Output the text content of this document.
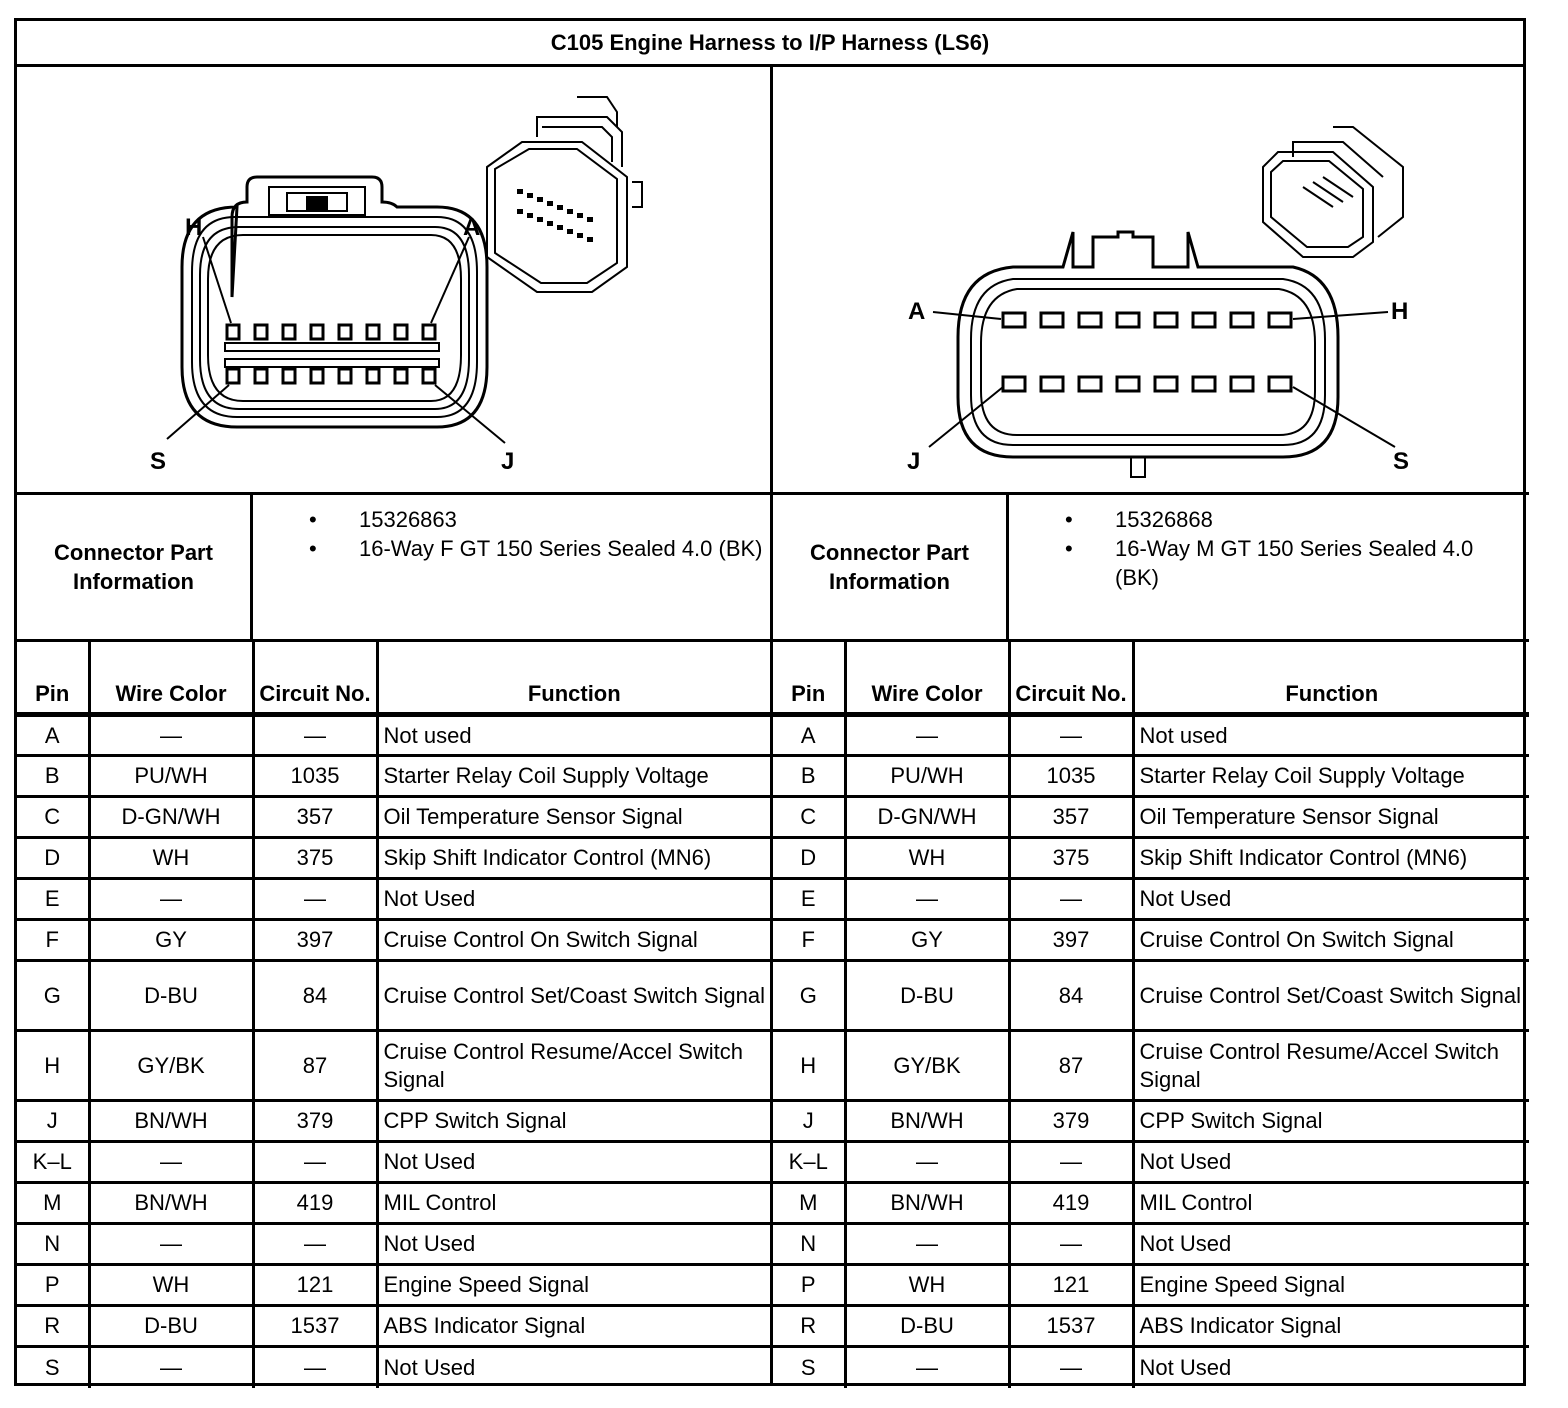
C105 Engine Harness to I/P Harness (LS6)
H	A
S	J
Connector Part Information
• 15326863
• 16-Way F GT 150 Series Sealed 4.0 (BK)
Pin	Wire Color	Circuit No.	Function
A	—	—	Not used
B	PU/WH	1035	Starter Relay Coil Supply Voltage
C	D-GN/WH	357	Oil Temperature Sensor Signal
D	WH	375	Skip Shift Indicator Control (MN6)
E	—	—	Not Used
F	GY	397	Cruise Control On Switch Signal
G	D-BU	84	Cruise Control Set/Coast Switch Signal
H	GY/BK	87	Cruise Control Resume/Accel Switch Signal
J	BN/WH	379	CPP Switch Signal
K–L	—	—	Not Used
M	BN/WH	419	MIL Control
N	—	—	Not Used
P	WH	121	Engine Speed Signal
R	D-BU	1537	ABS Indicator Signal
S	—	—	Not Used
A	H
J	S
Connector Part Information
• 15326868
• 16-Way M GT 150 Series Sealed 4.0 (BK)
Pin	Wire Color	Circuit No.	Function
A	—	—	Not used
B	PU/WH	1035	Starter Relay Coil Supply Voltage
C	D-GN/WH	357	Oil Temperature Sensor Signal
D	WH	375	Skip Shift Indicator Control (MN6)
E	—	—	Not Used
F	GY	397	Cruise Control On Switch Signal
G	D-BU	84	Cruise Control Set/Coast Switch Signal
H	GY/BK	87	Cruise Control Resume/Accel Switch Signal
J	BN/WH	379	CPP Switch Signal
K–L	—	—	Not Used
M	BN/WH	419	MIL Control
N	—	—	Not Used
P	WH	121	Engine Speed Signal
R	D-BU	1537	ABS Indicator Signal
S	—	—	Not Used
